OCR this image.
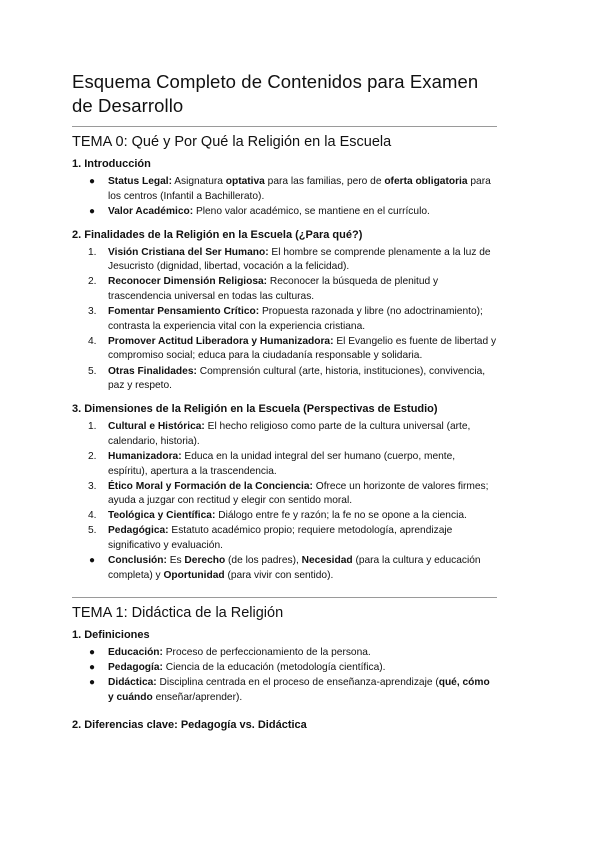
Esquema Completo de Contenidos para Examen de Desarrollo
TEMA 0: Qué y Por Qué la Religión en la Escuela
1. Introducción
● Status Legal: Asignatura optativa para las familias, pero de oferta obligatoria para los centros (Infantil a Bachillerato).
● Valor Académico: Pleno valor académico, se mantiene en el currículo.
2. Finalidades de la Religión en la Escuela (¿Para qué?)
1. Visión Cristiana del Ser Humano: El hombre se comprende plenamente a la luz de Jesucristo (dignidad, libertad, vocación a la felicidad).
2. Reconocer Dimensión Religiosa: Reconocer la búsqueda de plenitud y trascendencia universal en todas las culturas.
3. Fomentar Pensamiento Crítico: Propuesta razonada y libre (no adoctrinamiento); contrasta la experiencia vital con la experiencia cristiana.
4. Promover Actitud Liberadora y Humanizadora: El Evangelio es fuente de libertad y compromiso social; educa para la ciudadanía responsable y solidaria.
5. Otras Finalidades: Comprensión cultural (arte, historia, instituciones), convivencia, paz y respeto.
3. Dimensiones de la Religión en la Escuela (Perspectivas de Estudio)
1. Cultural e Histórica: El hecho religioso como parte de la cultura universal (arte, calendario, historia).
2. Humanizadora: Educa en la unidad integral del ser humano (cuerpo, mente, espíritu), apertura a la trascendencia.
3. Ético Moral y Formación de la Conciencia: Ofrece un horizonte de valores firmes; ayuda a juzgar con rectitud y elegir con sentido moral.
4. Teológica y Científica: Diálogo entre fe y razón; la fe no se opone a la ciencia.
5. Pedagógica: Estatuto académico propio; requiere metodología, aprendizaje significativo y evaluación.
● Conclusión: Es Derecho (de los padres), Necesidad (para la cultura y educación completa) y Oportunidad (para vivir con sentido).
TEMA 1: Didáctica de la Religión
1. Definiciones
● Educación: Proceso de perfeccionamiento de la persona.
● Pedagogía: Ciencia de la educación (metodología científica).
● Didáctica: Disciplina centrada en el proceso de enseñanza-aprendizaje (qué, cómo y cuándo enseñar/aprender).
2. Diferencias clave: Pedagogía vs. Didáctica
